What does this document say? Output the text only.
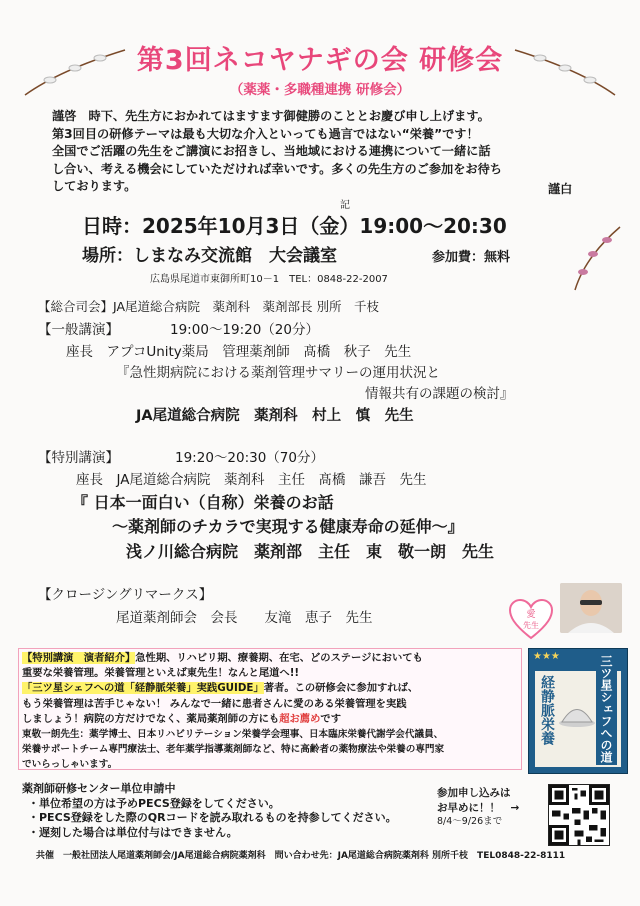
第3回ネコヤナギの会 研修会
（薬薬・多職種連携 研修会）
謹啓　時下、先生方におかれてはますます御健勝のこととお慶び申し上げます。
第3回目の研修テーマは最も大切な介入といっても過言ではない“栄養”です！
全国でご活躍の先生をご講演にお招きし、当地域における連携について一緒に話
し合い、考える機会にしていただければ幸いです。多くの先生方のご参加をお待ち
しております。	謹白
記
日時：2025年10月3日（金）19:00～20:30
場所：しまなみ交流館　大会議室	参加費：無料
広島県尾道市東御所町10－1　TEL：0848-22-2007
【総合司会】JA尾道総合病院　薬剤科　薬剤部長 別所　千枝
【一般講演】	19:00～19:20（20分）
座長　アプコUnity薬局　管理薬剤師　髙橋　秋子　先生
『急性期病院における薬剤管理サマリーの運用状況と
情報共有の課題の検討』
JA尾道総合病院　薬剤科　村上　慎　先生
【特別講演】	19:20～20:30（70分）
座長　JA尾道総合病院　薬剤科　主任　髙橋　謙吾　先生
『 日本一面白い（自称）栄養のお話
～薬剤師のチカラで実現する健康寿命の延伸～』
浅ノ川総合病院　薬剤部　主任　東　敬一朗　先生
【クロージングリマークス】
尾道薬剤師会　会長　　友滝　恵子　先生	愛
先生
【特別講演　演者紹介】急性期、リハビリ期、療養期、在宅、どのステージにおいても
重要な栄養管理。栄養管理といえば東先生！なんと尾道へ!!
「三ツ星シェフへの道「経静脈栄養」実践GUIDE」著者。この研修会に参加すれば、
もう栄養管理は苦手じゃない！ みんなで一緒に患者さんに愛のある栄養管理を実践
しましょう！病院の方だけでなく、薬局薬剤師の方にも超お薦めです
東敬一朗先生：薬学博士、日本リハビリテーション栄養学会理事、日本臨床栄養代謝学会代議員、
栄養サポートチーム専門療法士、老年薬学指導薬剤師など、特に高齢者の薬物療法や栄養の専門家
でいらっしゃいます。
★★★	三ツ星シェフへの道
経静脈栄養
薬剤師研修センター単位申請中
・単位希望の方は予めPECS登録をしてください。
・PECS登録をした際のQRコードを読み取れるものを持参してください。
・遅刻した場合は単位付与はできません。
参加申し込みは
お早めに！！　→
8/4～9/26まで
共催　一般社団法人尾道薬剤師会/JA尾道総合病院薬剤科　問い合わせ先：JA尾道総合病院薬剤科 別所千枝　TEL0848-22-8111
